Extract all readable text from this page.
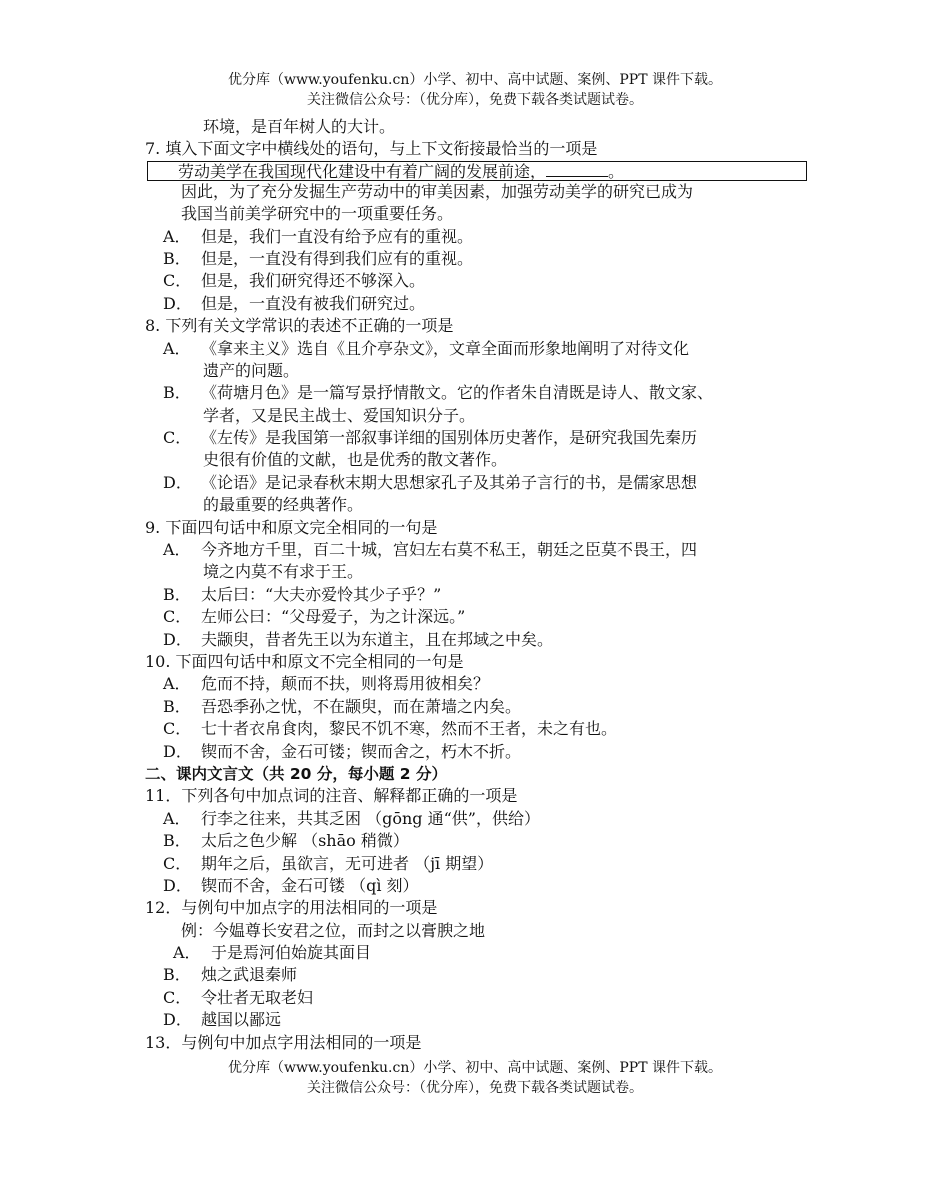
优分库（www.youfenku.cn）小学、初中、高中试题、案例、PPT 课件下载。
关注微信公众号：（优分库），免费下载各类试题试卷。
环境，是百年树人的大计。
7. 填入下面文字中横线处的语句，与上下文衔接最恰当的一项是
劳动美学在我国现代化建设中有着广阔的发展前途，	。
因此，为了充分发掘生产劳动中的审美因素，加强劳动美学的研究已成为
我国当前美学研究中的一项重要任务。
A． 但是，我们一直没有给予应有的重视。
B． 但是，一直没有得到我们应有的重视。
C． 但是，我们研究得还不够深入。
D． 但是，一直没有被我们研究过。
8. 下列有关文学常识的表述不正确的一项是
A． 《拿来主义》选自《且介亭杂文》，文章全面而形象地阐明了对待文化
遗产的问题。
B． 《荷塘月色》是一篇写景抒情散文。它的作者朱自清既是诗人、散文家、
学者，又是民主战士、爱国知识分子。
C． 《左传》是我国第一部叙事详细的国别体历史著作，是研究我国先秦历
史很有价值的文献，也是优秀的散文著作。
D． 《论语》是记录春秋末期大思想家孔子及其弟子言行的书，是儒家思想
的最重要的经典著作。
9. 下面四句话中和原文完全相同的一句是
A． 今齐地方千里，百二十城，宫妇左右莫不私王，朝廷之臣莫不畏王，四
境之内莫不有求于王。
B． 太后曰：“大夫亦爱怜其少子乎？”
C． 左师公曰：“父母爱子，为之计深远。”
D． 夫颛臾，昔者先王以为东道主，且在邦域之中矣。
10. 下面四句话中和原文不完全相同的一句是
A． 危而不持，颠而不扶，则将焉用彼相矣？
B． 吾恐季孙之忧，不在颛臾，而在萧墙之内矣。
C． 七十者衣帛食肉，黎民不饥不寒，然而不王者，未之有也。
D． 锲而不舍，金石可镂；锲而舍之，朽木不折。
二、课内文言文（共 20 分，每小题 2 分）
11．下列各句中加点词的注音、解释都正确的一项是
A． 行李之往来，共其乏困 （gōng 通“供”，供给）
B． 太后之色少解 （shāo 稍微）
C． 期年之后，虽欲言，无可进者 （jī 期望）
D． 锲而不舍，金石可镂 （qì 刻）
12．与例句中加点字的用法相同的一项是
例：今媪尊长安君之位，而封之以膏腴之地
A． 于是焉河伯始旋其面目
B． 烛之武退秦师
C． 令壮者无取老妇
D． 越国以鄙远
13．与例句中加点字用法相同的一项是
优分库（www.youfenku.cn）小学、初中、高中试题、案例、PPT 课件下载。
关注微信公众号：（优分库），免费下载各类试题试卷。
